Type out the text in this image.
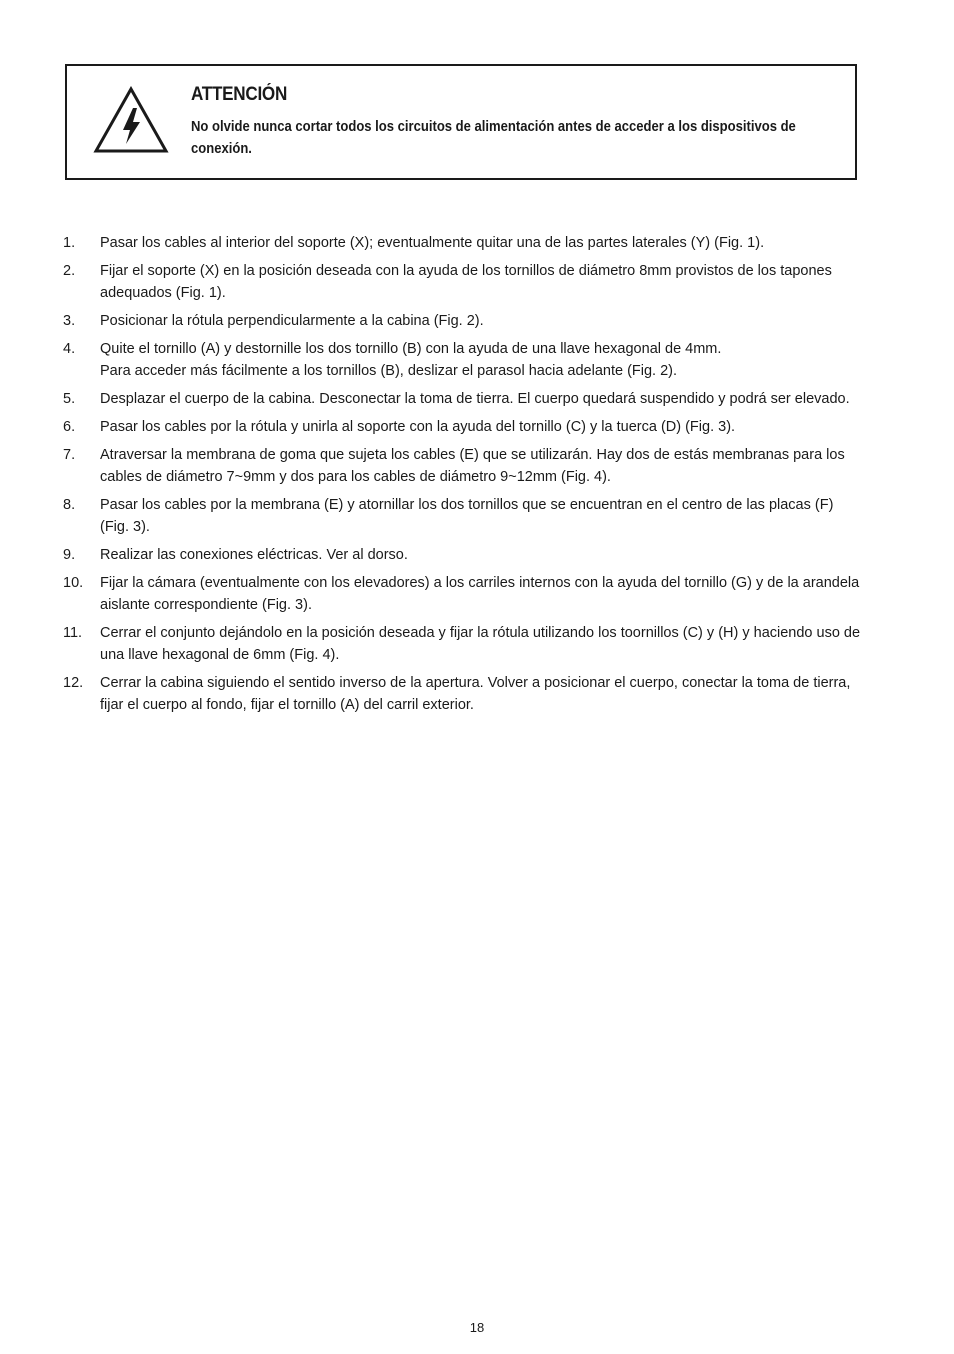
ATTENCIÓN
No olvide nunca cortar todos los circuitos de alimentación antes de acceder a los dispositivos de conexión.
1.	Pasar los cables al interior del soporte (X); eventualmente quitar una de las partes laterales (Y) (Fig. 1).
2.	Fijar el soporte (X) en la posición deseada con la ayuda de los tornillos de diámetro 8mm provistos de los tapones adequados (Fig. 1).
3.	Posicionar la rótula perpendicularmente a la cabina (Fig. 2).
4.	Quite el tornillo (A) y destornille los dos tornillo (B) con la ayuda de una llave hexagonal de 4mm.
Para acceder más fácilmente a los tornillos (B), deslizar el parasol hacia adelante (Fig. 2).
5.	Desplazar el cuerpo de la cabina. Desconectar la toma de tierra. El cuerpo quedará suspendido y podrá ser elevado.
6.	Pasar los cables por la rótula y unirla al soporte con la ayuda del tornillo (C) y la tuerca (D) (Fig. 3).
7.	Atraversar la membrana de goma que sujeta los cables (E) que se utilizarán. Hay dos de estás membranas para los cables de diámetro 7~9mm y dos para los cables de diámetro 9~12mm (Fig. 4).
8.	Pasar los cables por la membrana (E) y atornillar los dos tornillos que se encuentran en el centro de las placas (F) (Fig. 3).
9.	Realizar las conexiones eléctricas. Ver al dorso.
10.	Fijar la cámara (eventualmente con los elevadores) a los carriles internos con la ayuda del tornillo (G) y de la arandela aislante correspondiente (Fig. 3).
11.	Cerrar el conjunto dejándolo en la posición deseada y fijar la rótula utilizando los toornillos (C) y (H) y haciendo uso de una llave hexagonal de 6mm (Fig. 4).
12.	Cerrar la cabina siguiendo el sentido inverso de la apertura. Volver a posicionar el cuerpo, conectar la toma de tierra, fijar el cuerpo al fondo, fijar el tornillo (A) del carril exterior.
18
